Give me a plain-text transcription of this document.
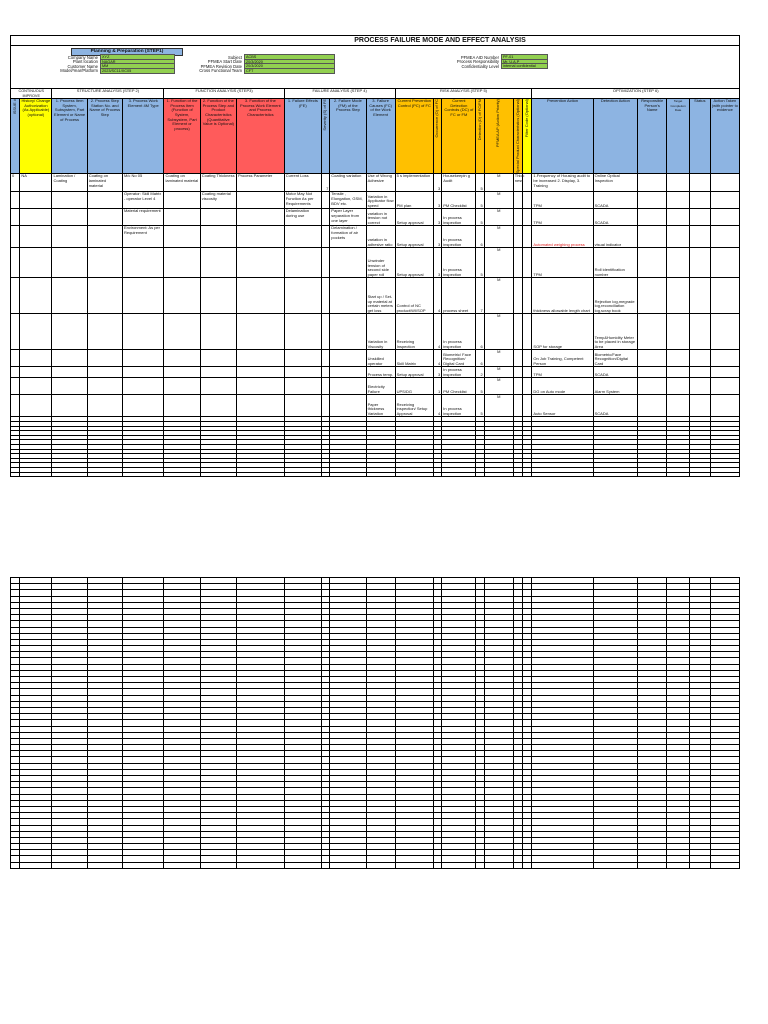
PROCESS FAILURE MODE AND EFFECT ANALYSIS
Planning & Preparation (STEP1)
Company Name	XYZ
Plant location	NAGAR
Customer Name	MM
Model/Year/Platform	2023/SC11/XC05
Subject	ACBS
PFMEA Start Date	20/3/2020
PFMEA Revision Date	20/3/2020
Cross Functional Team	CFT
PFMEA AID Number	PF-01
Process Responsibility	Mr. U.A.P
Confidentiality Level	internal confidential
CONTINUOUS IMPROVE		STRUCTURE ANALYSIS (STEP 2)			FUNCTION ANALYSIS (STEP3)			FAILURE ANALYSIS (STEP 4)				RISK ANALYSIS (STEP 5)							OPTIMIZATION (STEP 6)					

ISSUE #	History/ Change Authorization (As Applicable) (optional)	1. Process Item System, Subsystem, Part Element or Name of Process	2. Process Step Station No. and Name of Process Step	3. Process Work Element 4M Type	1. Function of the Process Item (Function of System, Subsystem, Part Element or process)	2. Function of the Process Step and Product Characteristics (Quantitative Value is Optional)	3. Function of the Process Work Element and Process Characteristics	1. Failure Effects (FE)	Severity (S) of FE	2. Failure Mode (FM) of the Process Step	3. Failure Causes (FC) of the Work Element	Current Prevention Control (PC) of FC	Occurrence (O) of FC	Current Detection Controls (DC) of FC or FM	Detection (D) of FC/FM	PFMEA AP (Action Priority)	Special Product Characteristics (Optional)	Filter Code (Optional)	Prevention Action	Detection Action	Responsible Person's Name	Target Completion Date	Status	Action Taken (with pointer to evidence
0	NA	Lamination / Coating	Coating on laminated material	M/c No 05	Coating on laminated material	Coating Thickness	Process Parameter	Current Loss	7	Coating variation	Use of Wrong Adhesive	5 s implementation	3	Housekeepin g Audit	5	M	Thick ness		1.Frequency of Housing audit to be increased 2. Display, 3. Training	Online Optical Inspection				
				Operator: Skill Matrix - operator Level 4		Coating material viscosity		Motor May Not Function As per Requirements		Tensile , Elongation, GSM, BDV etc.	Variation in Applicator flow speed	PM plan	3	PM Checklist	5	M			TPM	SCADA				
				Material requirement				Delamination during use		Paper Layer separation from one layer	variation in tension not correct	Setup approval	3	In process inspection	5	M			TPM	SCADA				
				Environment: As per Requirement						Delamination / formation of air pockets	variation in adhesive ratio	Setup approval	3	In process inspection	6	M			Automated weighing process	visual indicator				
											Unwinder tension of second side paper roll	Setup approval	3	In process inspection	5	M			TPM	Roll identification number				
											Start up / Set-up material at certain meters get loss	Control of NC product/WI/SOP	4	process sheet	7	M			thickness allowable length chart	Rejection log,megrade log,reconciliation log,scrap book				
											Variation in Viscosity	Receiving Inspection	4	In process inspection	6	M			SOP for storage	Temp&Humidity Meter to be placed in storage Area				
											Unskilled operator	Skill Matrix	4	Biometric/ Face Recognition/ Digital Card	6	M			On Job Training, Competent Person	Biometric/Face Recognition/Digital Card				
											Process temp.	Setup approval	3	In process inspection	2	M			TPM	SCADA				
											Electricity Failure	UPS/DG	1	PM Checklist	5	M			DG on Auto mode	Alarm System				
											Paper thickness Variation	Receiving inspection/ Setup Approval	4	In process inspection	5	M			Auto Sensor	SCADA				
